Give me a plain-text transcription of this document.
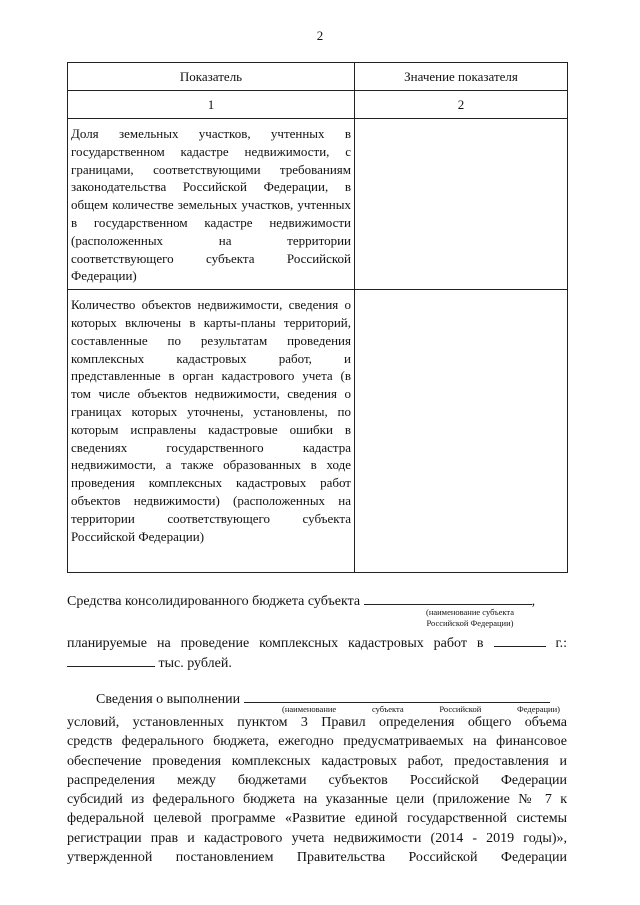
2
Показатель	Значение показателя
1	2
Доля земельных участков, учтенных в государственном кадастре недвижимости, с границами, соответствующими требованиям законодательства Российской Федерации, в общем количестве земельных участков, учтенных в государственном кадастре недвижимости (расположенных на территории соответствующего субъекта Российской Федерации)	
Количество объектов недвижимости, сведения о которых включены в карты-планы территорий, составленные по результатам проведения комплексных кадастровых работ, и представленные в орган кадастрового учета (в том числе объектов недвижимости, сведения о границах которых уточнены, установлены, по которым исправлены кадастровые ошибки в сведениях государственного кадастра недвижимости, а также образованных в ходе проведения комплексных кадастровых работ объектов недвижимости) (расположенных на территории соответствующего субъекта Российской Федерации)	
Средства консолидированного бюджета субъекта	,
(наименование субъекта
Российской Федерации)
планируемые на проведение комплексных кадастровых работ в	г.:
тыс. рублей.
Сведения о выполнении
(наименование	субъекта	Российской	Федерации)
условий, установленных пунктом 3 Правил определения общего объема
средств федерального бюджета, ежегодно предусматриваемых на финансовое
обеспечение проведения комплексных кадастровых работ, предоставления и
распределения между бюджетами субъектов Российской Федерации
субсидий из федерального бюджета на указанные цели (приложение № 7 к
федеральной целевой программе «Развитие единой государственной системы
регистрации прав и кадастрового учета недвижимости (2014 - 2019 годы)»,
утвержденной постановлением Правительства Российской Федерации
